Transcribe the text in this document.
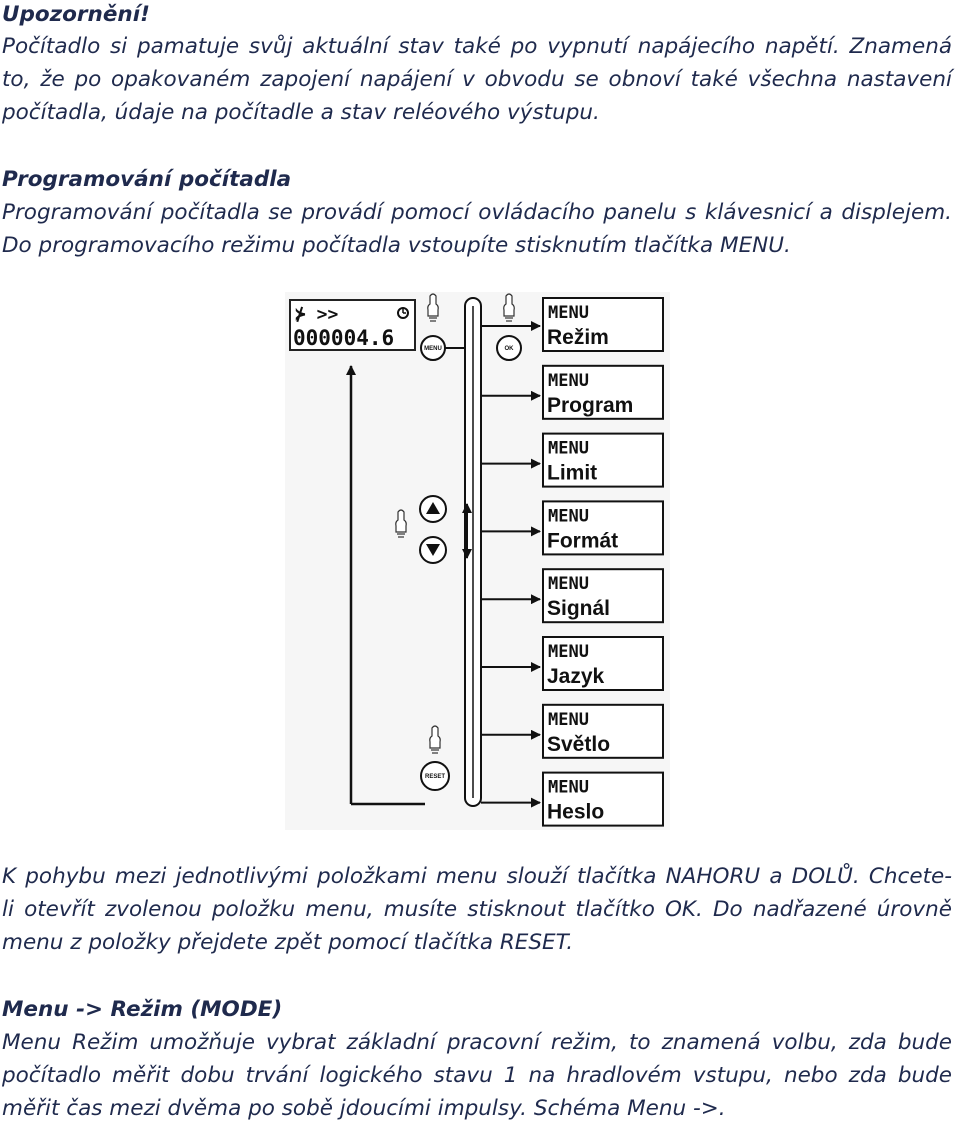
Upozornění!
Počítadlo si pamatuje svůj aktuální stav také po vypnutí napájecího napětí. Znamená
to, že po opakovaném zapojení napájení v obvodu se obnoví také všechna nastavení
počítadla, údaje na počítadle a stav reléového výstupu.
Programování počítadla
Programování počítadla se provádí pomocí ovládacího panelu s klávesnicí a displejem.
Do programovacího režimu počítadla vstoupíte stisknutím tlačítka MENU.
⊁ >>
000004.6	MENU
RESET
OK
MENU
Režim
MENU
Program
MENU
Limit
MENU
Formát
MENU
Signál
MENU
Jazyk
MENU
Světlo
MENU
Heslo
K pohybu mezi jednotlivými položkami menu slouží tlačítka NAHORU a DOLŮ. Chcete-
li otevřít zvolenou položku menu, musíte stisknout tlačítko OK. Do nadřazené úrovně
menu z položky přejdete zpět pomocí tlačítka RESET.
Menu -> Režim (MODE)
Menu Režim umožňuje vybrat základní pracovní režim, to znamená volbu, zda bude
počítadlo měřit dobu trvání logického stavu 1 na hradlovém vstupu, nebo zda bude
měřit čas mezi dvěma po sobě jdoucími impulsy. Schéma Menu ->.
